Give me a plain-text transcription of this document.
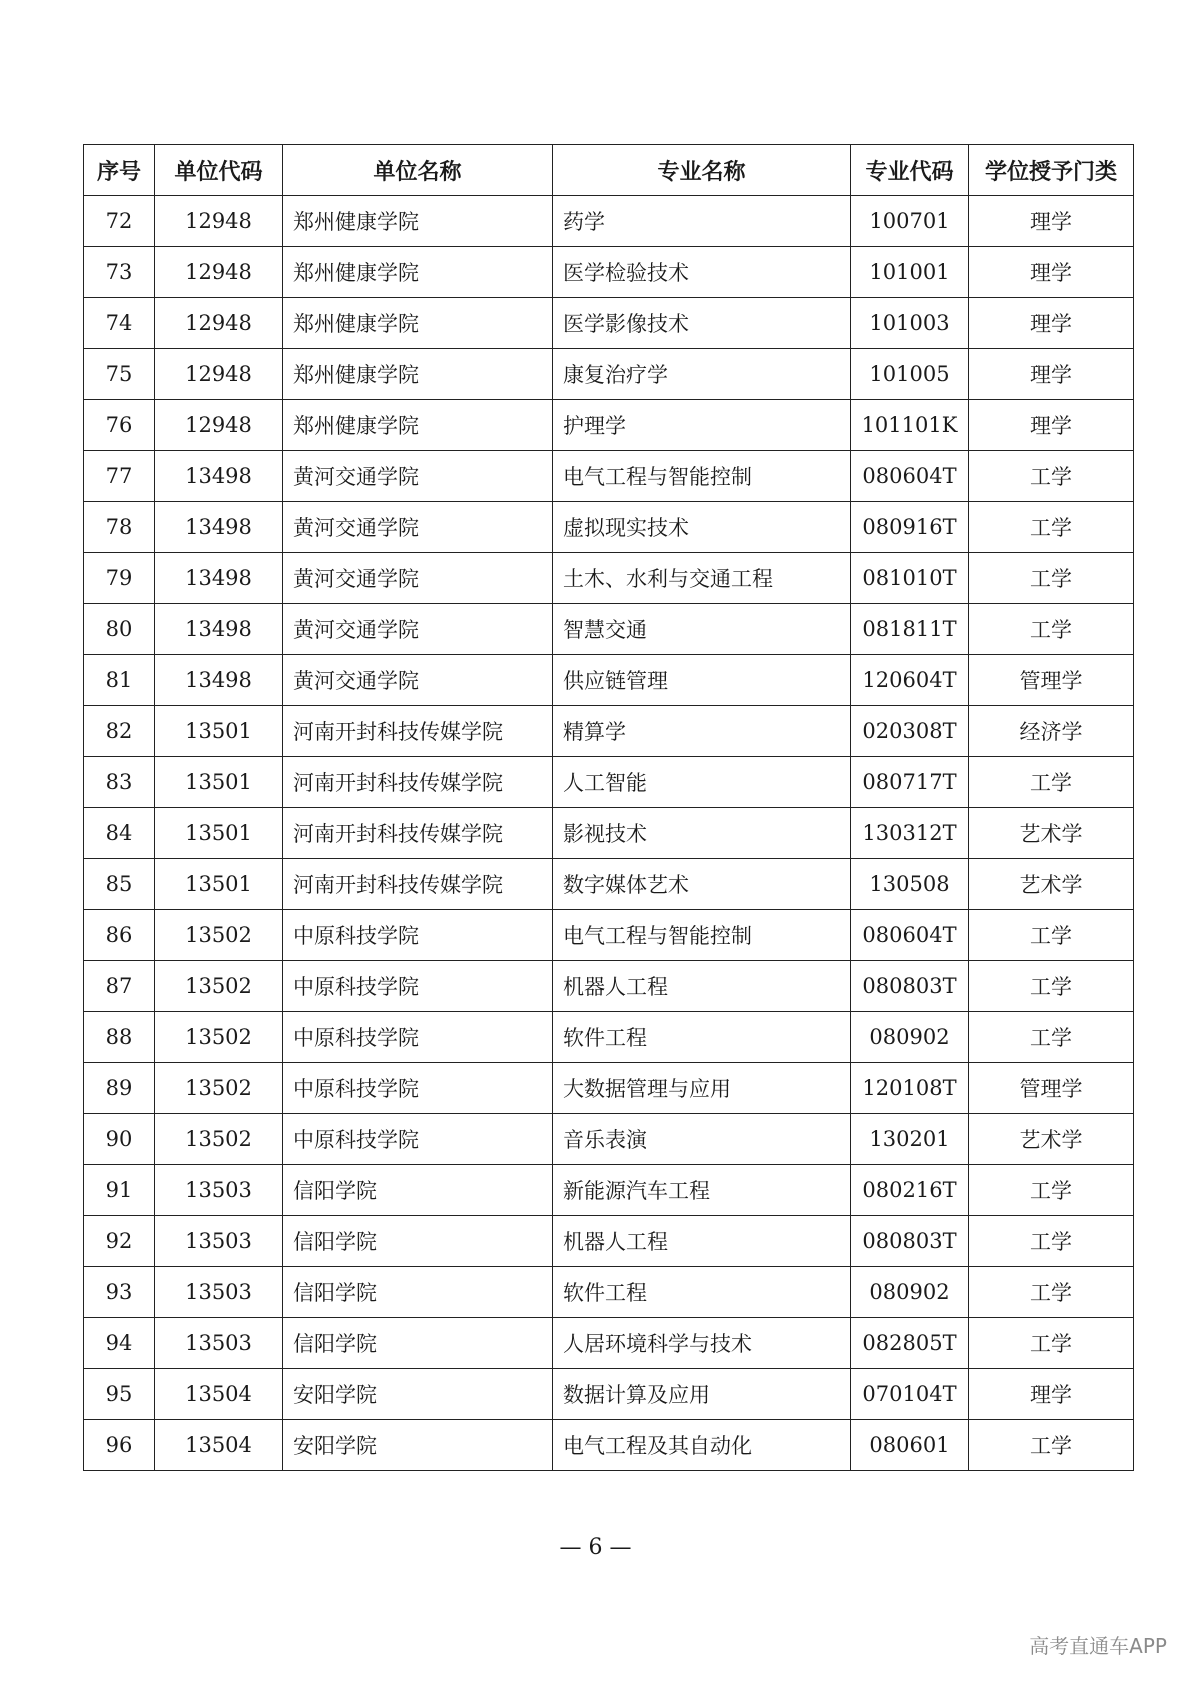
序号	单位代码	单位名称	专业名称	专业代码	学位授予门类
72	12948	郑州健康学院	药学	100701	理学
73	12948	郑州健康学院	医学检验技术	101001	理学
74	12948	郑州健康学院	医学影像技术	101003	理学
75	12948	郑州健康学院	康复治疗学	101005	理学
76	12948	郑州健康学院	护理学	101101K	理学
77	13498	黄河交通学院	电气工程与智能控制	080604T	工学
78	13498	黄河交通学院	虚拟现实技术	080916T	工学
79	13498	黄河交通学院	土木、水利与交通工程	081010T	工学
80	13498	黄河交通学院	智慧交通	081811T	工学
81	13498	黄河交通学院	供应链管理	120604T	管理学
82	13501	河南开封科技传媒学院	精算学	020308T	经济学
83	13501	河南开封科技传媒学院	人工智能	080717T	工学
84	13501	河南开封科技传媒学院	影视技术	130312T	艺术学
85	13501	河南开封科技传媒学院	数字媒体艺术	130508	艺术学
86	13502	中原科技学院	电气工程与智能控制	080604T	工学
87	13502	中原科技学院	机器人工程	080803T	工学
88	13502	中原科技学院	软件工程	080902	工学
89	13502	中原科技学院	大数据管理与应用	120108T	管理学
90	13502	中原科技学院	音乐表演	130201	艺术学
91	13503	信阳学院	新能源汽车工程	080216T	工学
92	13503	信阳学院	机器人工程	080803T	工学
93	13503	信阳学院	软件工程	080902	工学
94	13503	信阳学院	人居环境科学与技术	082805T	工学
95	13504	安阳学院	数据计算及应用	070104T	理学
96	13504	安阳学院	电气工程及其自动化	080601	工学
— 6 —
高考直通车APP
